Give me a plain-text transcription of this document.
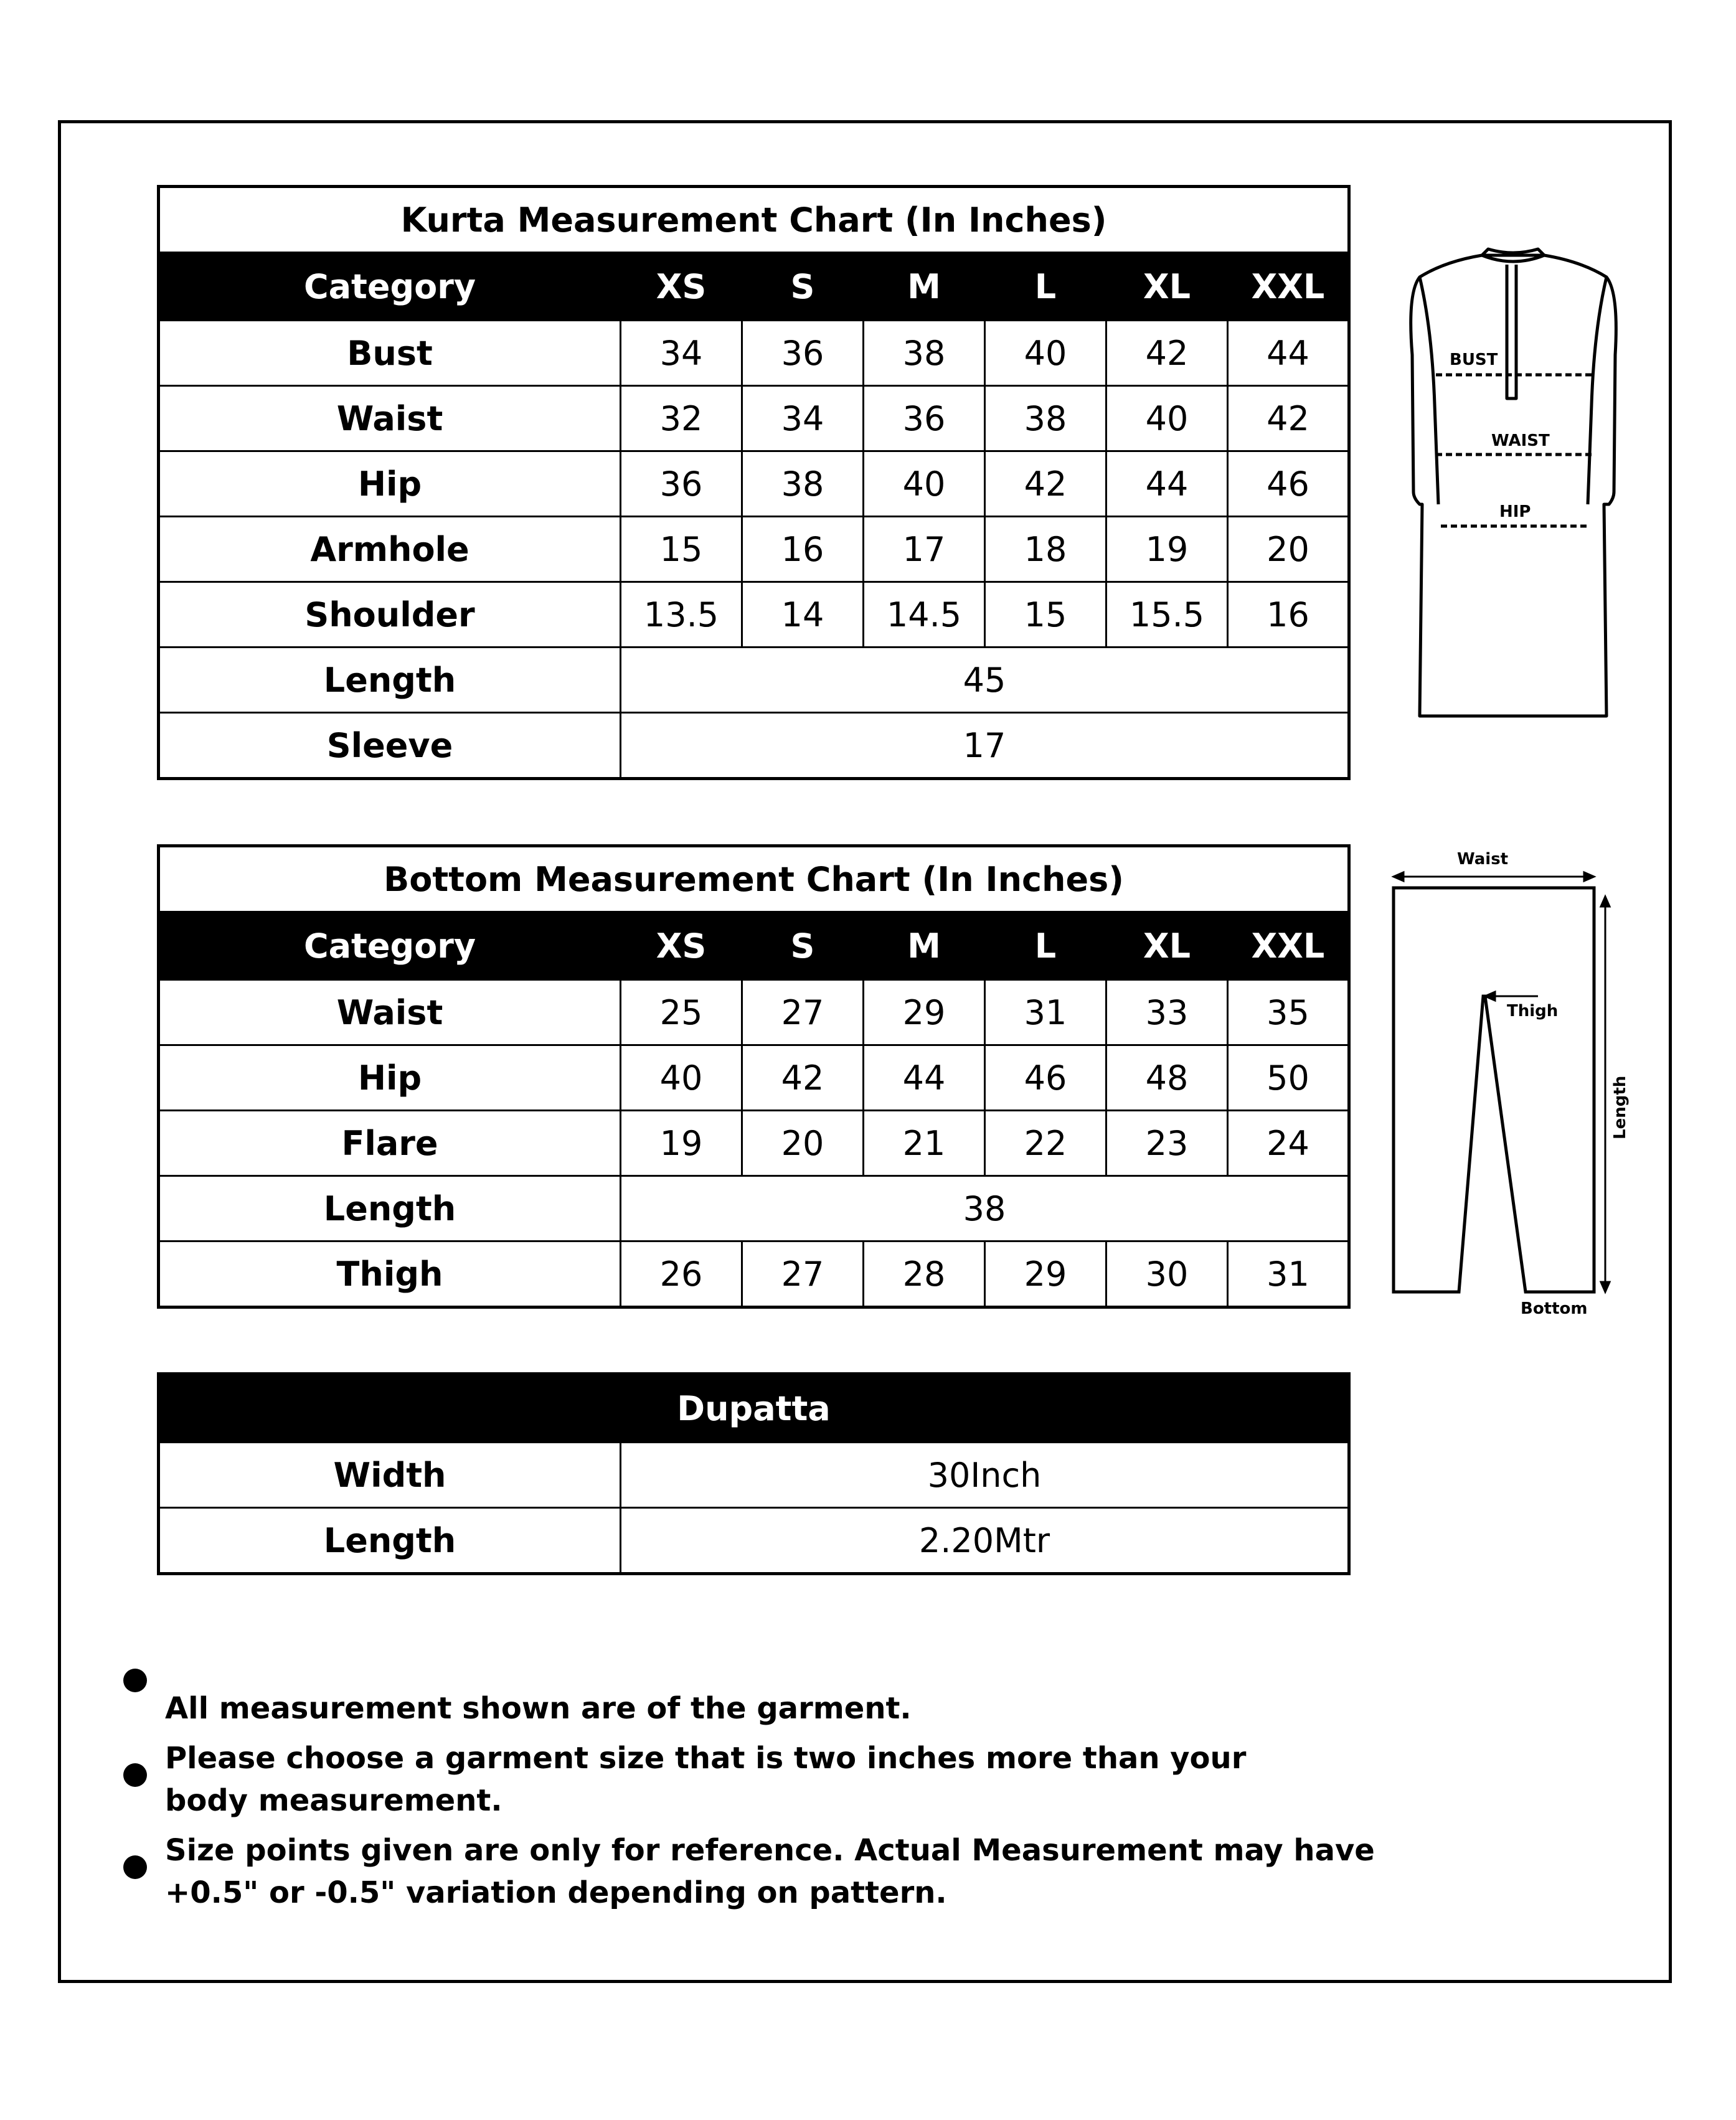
Kurta Measurement Chart (In Inches)						
Category	XS	S	M	L	XL	XXL
Bust	34	36	38	40	42	44
Waist	32	34	36	38	40	42
Hip	36	38	40	42	44	46
Armhole	15	16	17	18	19	20
Shoulder	13.5	14	14.5	15	15.5	16
Length	45					
Sleeve	17					
Bottom Measurement Chart (In Inches)						
Category	XS	S	M	L	XL	XXL
Waist	25	27	29	31	33	35
Hip	40	42	44	46	48	50
Flare	19	20	21	22	23	24
Length	38					
Thigh	26	27	28	29	30	31
Dupatta	
Width	30Inch
Length	2.20Mtr
BUST
WAIST
HIP
Waist
Thigh
Length
Bottom
All measurement shown are of the garment.
Please choose a garment size that is two inches more than your body measurement.
Size points given are only for reference. Actual Measurement may have +0.5" or -0.5" variation depending on pattern.
